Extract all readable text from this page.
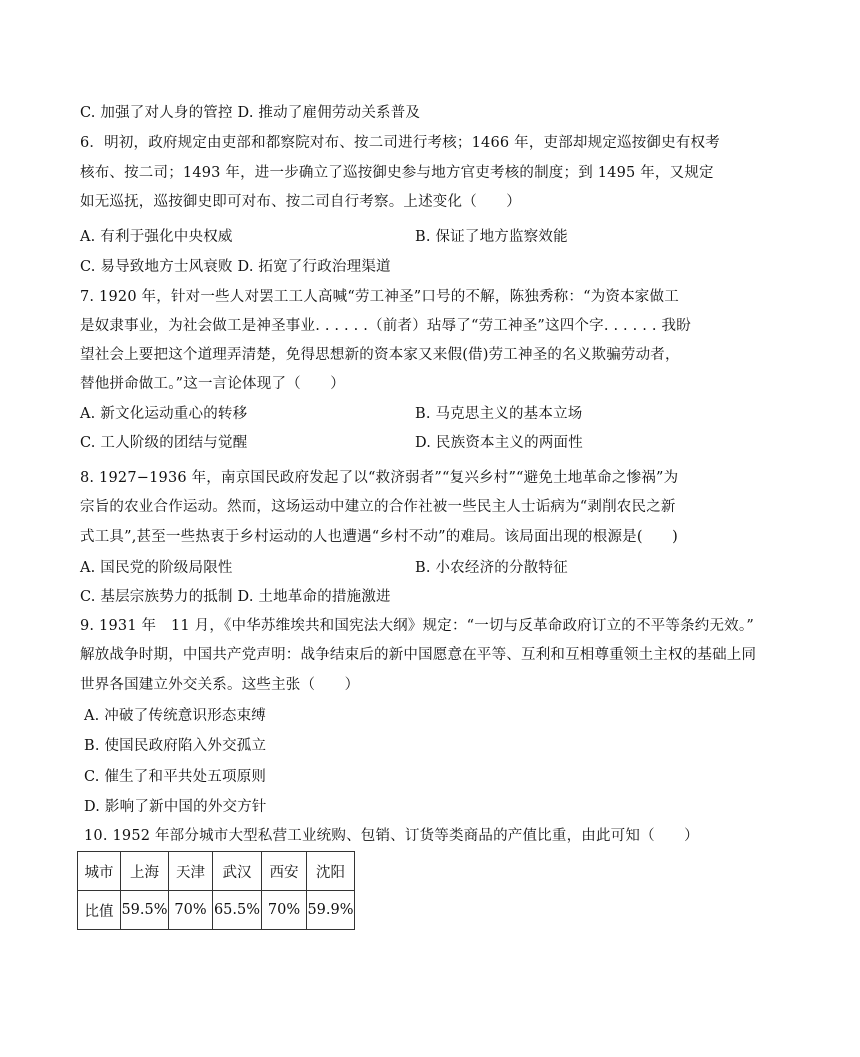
C. 加强了对人身的管控 D. 推动了雇佣劳动关系普及
6．明初，政府规定由吏部和都察院对布、按二司进行考核；1466 年，吏部却规定巡按御史有权考
核布、按二司；1493 年，进一步确立了巡按御史参与地方官吏考核的制度；到 1495 年，又规定
如无巡抚，巡按御史即可对布、按二司自行考察。上述变化（　　）
A. 有利于强化中央权威	B. 保证了地方监察效能
C. 易导致地方士风衰败 D. 拓宽了行政治理渠道
7. 1920 年，针对一些人对罢工工人高喊“劳工神圣”口号的不解，陈独秀称：“为资本家做工
是奴隶事业，为社会做工是神圣事业. . . . . .（前者）玷辱了“劳工神圣”这四个字. . . . . . 我盼
望社会上要把这个道理弄清楚，免得思想新的资本家又来假(借)劳工神圣的名义欺骗劳动者，
替他拼命做工。”这一言论体现了（　　）
A. 新文化运动重心的转移	B. 马克思主义的基本立场
C. 工人阶级的团结与觉醒	D. 民族资本主义的两面性
8. 1927−1936 年，南京国民政府发起了以“救济弱者”“复兴乡村”“避免土地革命之惨祸”为
宗旨的农业合作运动。然而，这场运动中建立的合作社被一些民主人士诟病为“剥削农民之新
式工具”,甚至一些热衷于乡村运动的人也遭遇“乡村不动”的难局。该局面出现的根源是(　　)
A. 国民党的阶级局限性	B. 小农经济的分散特征
C. 基层宗族势力的抵制 D. 土地革命的措施激进
9. 1931 年　11 月，《中华苏维埃共和国宪法大纲》规定：“一切与反革命政府订立的不平等条约无效。”
解放战争时期，中国共产党声明：战争结束后的新中国愿意在平等、互利和互相尊重领土主权的基础上同
世界各国建立外交关系。这些主张（　　）
A. 冲破了传统意识形态束缚
B. 使国民政府陷入外交孤立
C. 催生了和平共处五项原则
D. 影响了新中国的外交方针
10. 1952 年部分城市大型私营工业统购、包销、订货等类商品的产值比重，由此可知（　　）
城市	上海	天津	武汉	西安	沈阳
比值	59.5%	70%	65.5%	70%	59.9%
